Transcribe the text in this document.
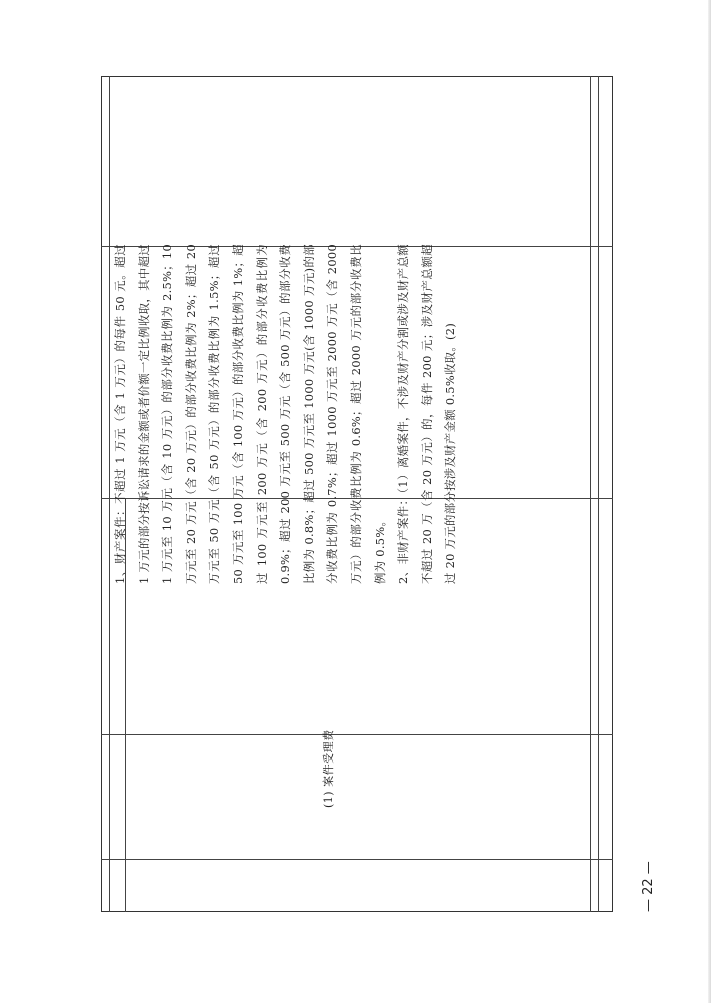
1、财产案件：不超过 1 万元（含 1 万元）的每件 50 元。超过 1 万元的部分按诉讼请求的金额或者价额一定比例收取，其中超过 1 万元至 10 万元（含 10 万元）的部分收费比例为 2.5%；10 万元至 20 万元（含 20 万元）的部分收费比例为 2%；超过 20 万元至 50 万元（含 50 万元）的部分收费比例为 1.5%；超过 50 万元至 100 万元（含 100 万元）的部分收费比例为 1%；超过 100 万元至 200 万元（含 200 万元）的部分收费比例为 0.9%；超过 200 万元至 500 万元（含 500 万元）的部分收费比例为 0.8%；超过 500 万元至 1000 万元(含 1000 万元)的部分收费比例为 0.7%；超过 1000 万元至 2000 万元（含 2000 万元）的部分收费比例为 0.6%；超过 2000 万元的部分收费比例为 0.5%。 2、非财产案件：（1）离婚案件，不涉及财产分割或涉及财产总额不超过 20 万（含 20 万元）的，每件 200 元；涉及财产总额超过 20 万元的部分按涉及财产金额 0.5%收取。(2)

(1) 案件受理费
— 22 —
